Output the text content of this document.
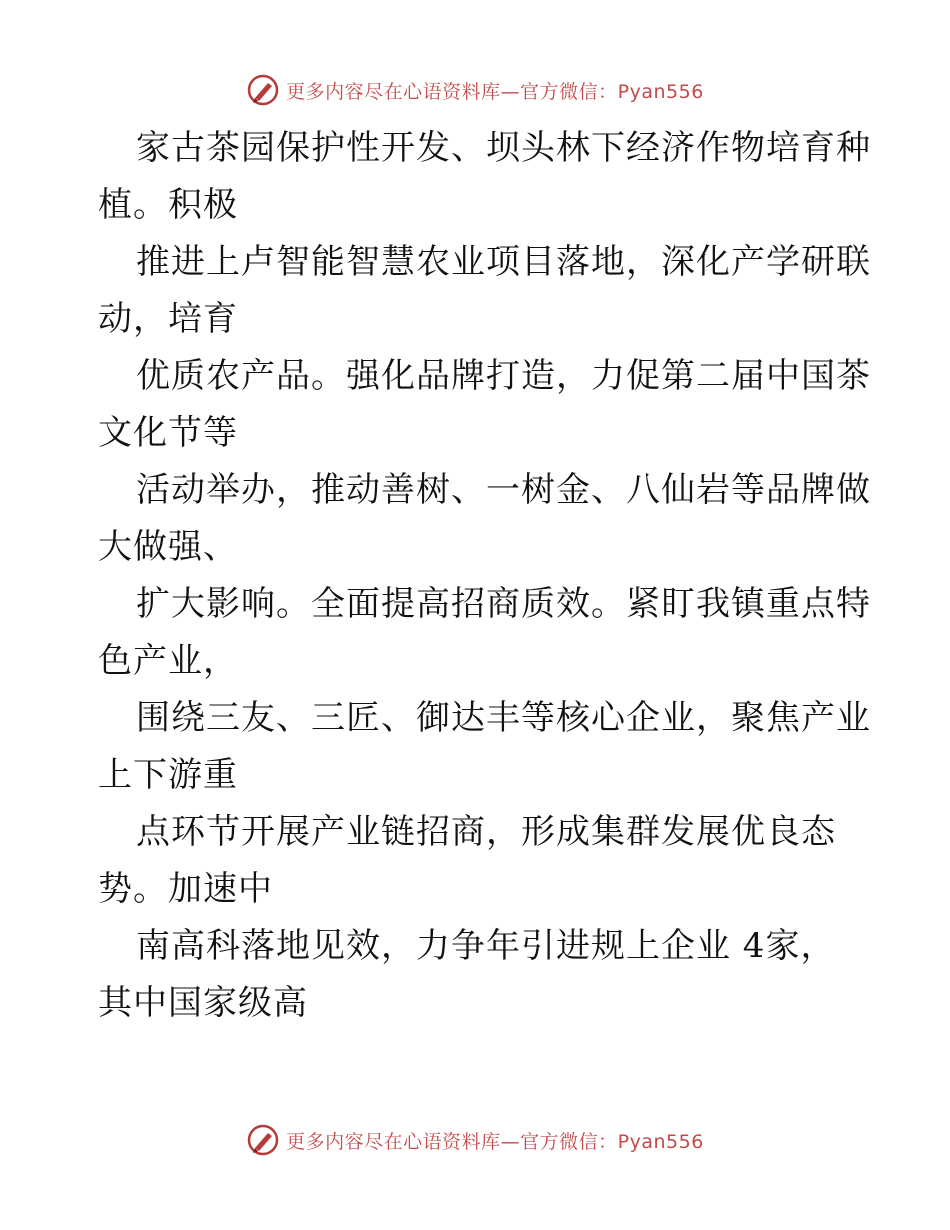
更多内容尽在心语资料库—官方微信：Pyan556
家古茶园保护性开发、坝头林下经济作物培育种
植。积极
推进上卢智能智慧农业项目落地，深化产学研联
动，培育
优质农产品。强化品牌打造，力促第二届中国茶
文化节等
活动举办，推动善树、一树金、八仙岩等品牌做
大做强、
扩大影响。全面提高招商质效。紧盯我镇重点特
色产业，
围绕三友、三匠、御达丰等核心企业，聚焦产业
上下游重
点环节开展产业链招商，形成集群发展优良态
势。加速中
南高科落地见效，力争年引进规上企业 4家，
其中国家级高
更多内容尽在心语资料库—官方微信：Pyan556
